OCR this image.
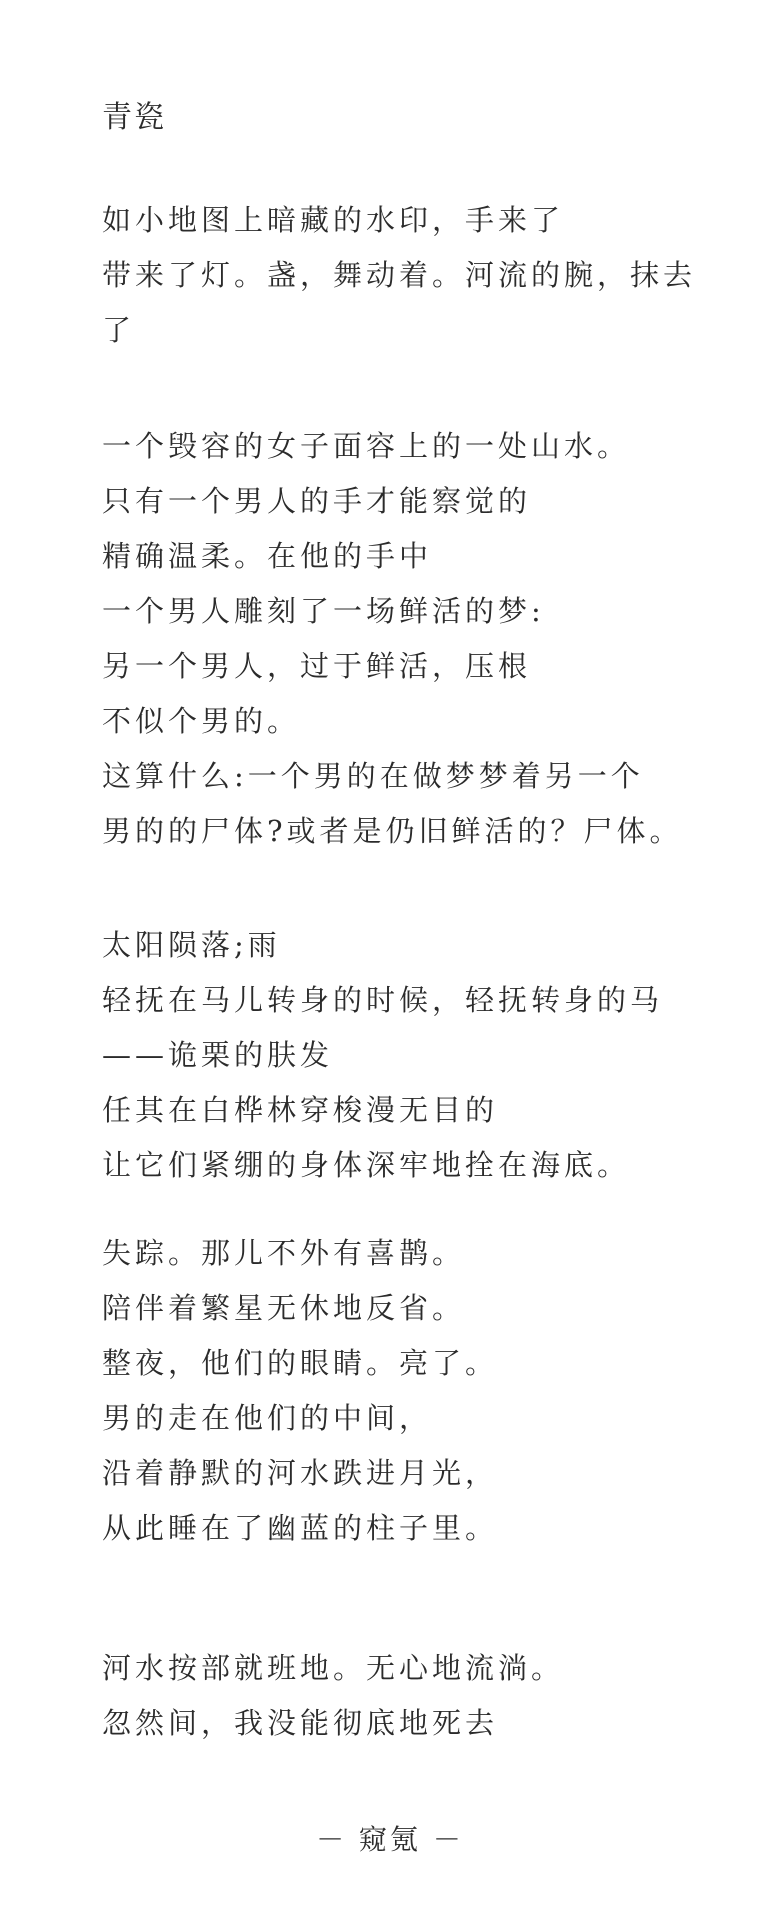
青瓷
如小地图上暗藏的水印，手来了
带来了灯。盏，舞动着。河流的腕，抹去
了
一个毁容的女子面容上的一处山水。
只有一个男人的手才能察觉的
精确温柔。在他的手中
一个男人雕刻了一场鲜活的梦:
另一个男人，过于鲜活，压根
不似个男的。
这算什么:一个男的在做梦梦着另一个
男的的尸体?或者是仍旧鲜活的？尸体。
太阳陨落;雨
轻抚在马儿转身的时候，轻抚转身的马
——诡栗的肤发
任其在白桦林穿梭漫无目的
让它们紧绷的身体深牢地拴在海底。
失踪。那儿不外有喜鹊。
陪伴着繁星无休地反省。
整夜，他们的眼睛。亮了。
男的走在他们的中间，
沿着静默的河水跌进月光，
从此睡在了幽蓝的柱子里。
河水按部就班地。无心地流淌。
忽然间，我没能彻底地死去
－ 窥氪 －
